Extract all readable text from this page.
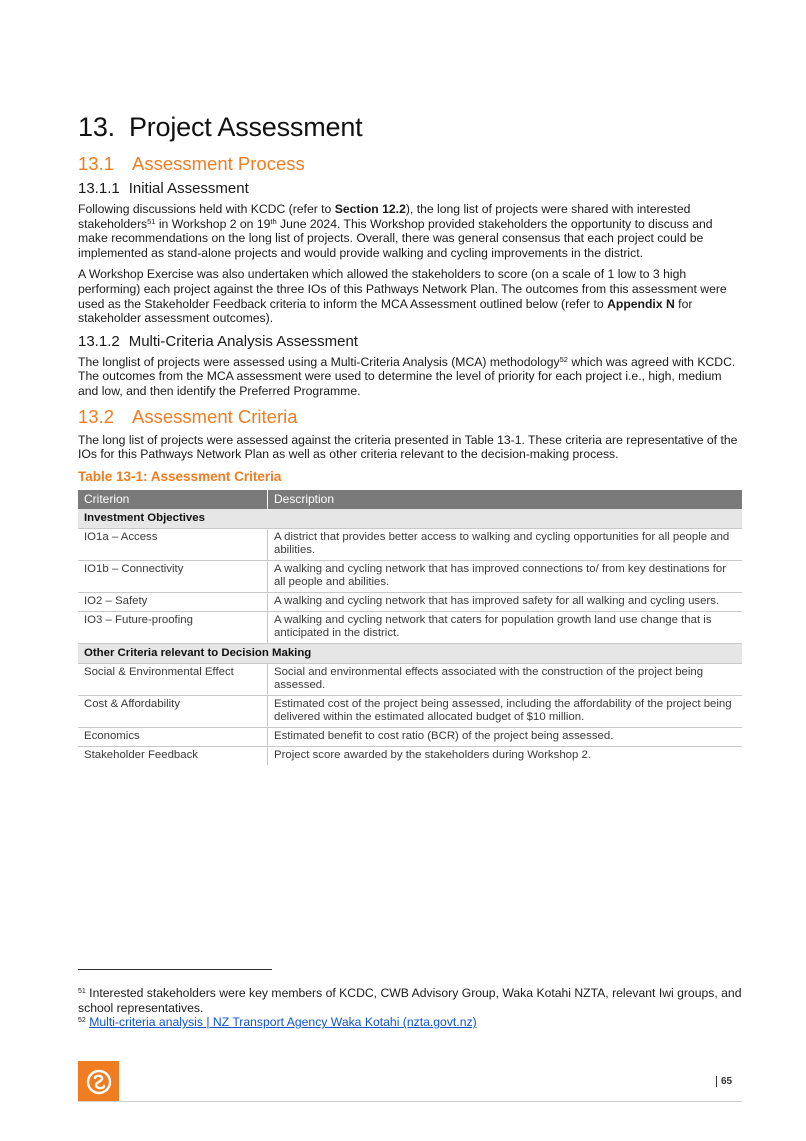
13. Project Assessment
13.1 Assessment Process
13.1.1 Initial Assessment

Following discussions held with KCDC (refer to Section 12.2), the long list of projects were shared with interested stakeholders$^{51}$ in Workshop 2 on 19th June 2024. This Workshop provided stakeholders the opportunity to discuss and make recommendations on the long list of projects. Overall, there was general consensus that each project could be implemented as stand-alone projects and would provide walking and cycling improvements in the district.

A Workshop Exercise was also undertaken which allowed the stakeholders to score (on a scale of 1 low to 3 high performing) each project against the three IOs of this Pathways Network Plan. The outcomes from this assessment were used as the Stakeholder Feedback criteria to inform the MCA Assessment outlined below (refer to Appendix N for stakeholder assessment outcomes).

13.1.2 Multi-Criteria Analysis Assessment

The longlist of projects were assessed using a Multi-Criteria Analysis (MCA) methodology$^{52}$ which was agreed with KCDC. The outcomes from the MCA assessment were used to determine the level of priority for each project i.e., high, medium and low, and then identify the Preferred Programme.

13.2 Assessment Criteria

The long list of projects were assessed against the criteria presented in Table 13-1. These criteria are representative of the IOs for this Pathways Network Plan as well as other criteria relevant to the decision-making process.

Table 13-1: Assessment Criteria
Criterion	Description
Investment Objectives	
IO1a – Access	A district that provides better access to walking and cycling opportunities for all people and abilities.
IO1b – Connectivity	A walking and cycling network that has improved connections to/ from key destinations for all people and abilities.
IO2 – Safety	A walking and cycling network that has improved safety for all walking and cycling users.
IO3 – Future-proofing	A walking and cycling network that caters for population growth land use change that is anticipated in the district.
Other Criteria relevant to Decision Making	
Social & Environmental Effect	Social and environmental effects associated with the construction of the project being assessed.
Cost & Affordability	Estimated cost of the project being assessed, including the affordability of the project being delivered within the estimated allocated budget of $10 million.
Economics	Estimated benefit to cost ratio (BCR) of the project being assessed.
Stakeholder Feedback	Project score awarded by the stakeholders during Workshop 2.

$^{51}$ Interested stakeholders were key members of KCDC, CWB Advisory Group, Waka Kotahi NZTA, relevant Iwi groups, and school representatives.

$^{52}$ Multi-criteria analysis | NZ Transport Agency Waka Kotahi (nzta.govt.nz)

65
